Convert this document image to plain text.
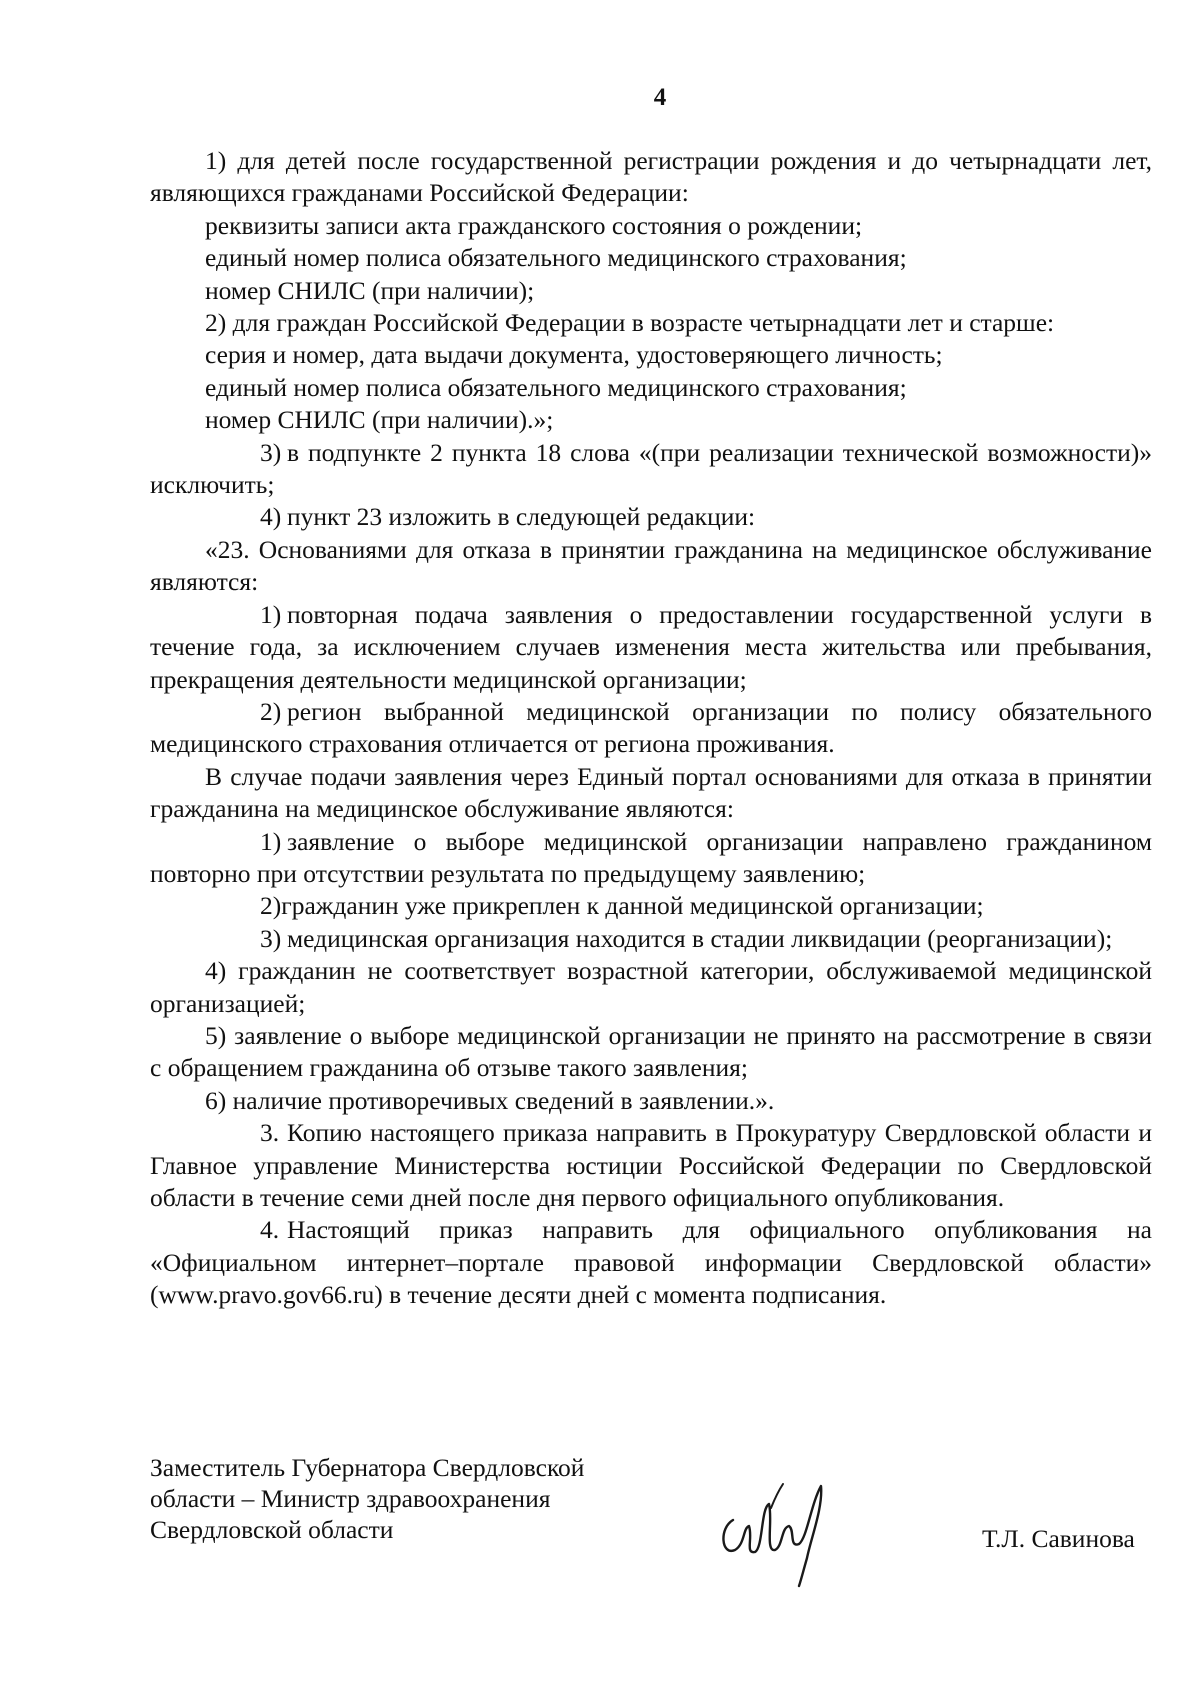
4

1) для детей после государственной регистрации рождения и до четырнадцати лет, являющихся гражданами Российской Федерации:

реквизиты записи акта гражданского состояния о рождении;

единый номер полиса обязательного медицинского страхования;

номер СНИЛС (при наличии);

2) для граждан Российской Федерации в возрасте четырнадцати лет и старше:

серия и номер, дата выдачи документа, удостоверяющего личность;

единый номер полиса обязательного медицинского страхования;

номер СНИЛС (при наличии).»;

3) в подпункте 2 пункта 18 слова «(при реализации технической возможности)» исключить;

4) пункт 23 изложить в следующей редакции:

«23. Основаниями для отказа в принятии гражданина на медицинское обслуживание являются:

1) повторная подача заявления о предоставлении государственной услуги в течение года, за исключением случаев изменения места жительства или пребывания, прекращения деятельности медицинской организации;

2) регион выбранной медицинской организации по полису обязательного медицинского страхования отличается от региона проживания.

В случае подачи заявления через Единый портал основаниями для отказа в принятии гражданина на медицинское обслуживание являются:

1) заявление о выборе медицинской организации направлено гражданином повторно при отсутствии результата по предыдущему заявлению;

2)гражданин уже прикреплен к данной медицинской организации;

3) медицинская организация находится в стадии ликвидации (реорганизации);

4) гражданин не соответствует возрастной категории, обслуживаемой медицинской организацией;

5) заявление о выборе медицинской организации не принято на рассмотрение в связи с обращением гражданина об отзыве такого заявления;

6) наличие противоречивых сведений в заявлении.».

3. Копию настоящего приказа направить в Прокуратуру Свердловской области и Главное управление Министерства юстиции Российской Федерации по Свердловской области в течение семи дней после дня первого официального опубликования.

4. Настоящий приказ направить для официального опубликования на «Официальном интернет–портале правовой информации Свердловской области» (www.pravo.gov66.ru) в течение десяти дней с момента подписания.

Заместитель Губернатора Свердловской
области – Министр здравоохранения
Свердловской области	Т.Л. Савинова
